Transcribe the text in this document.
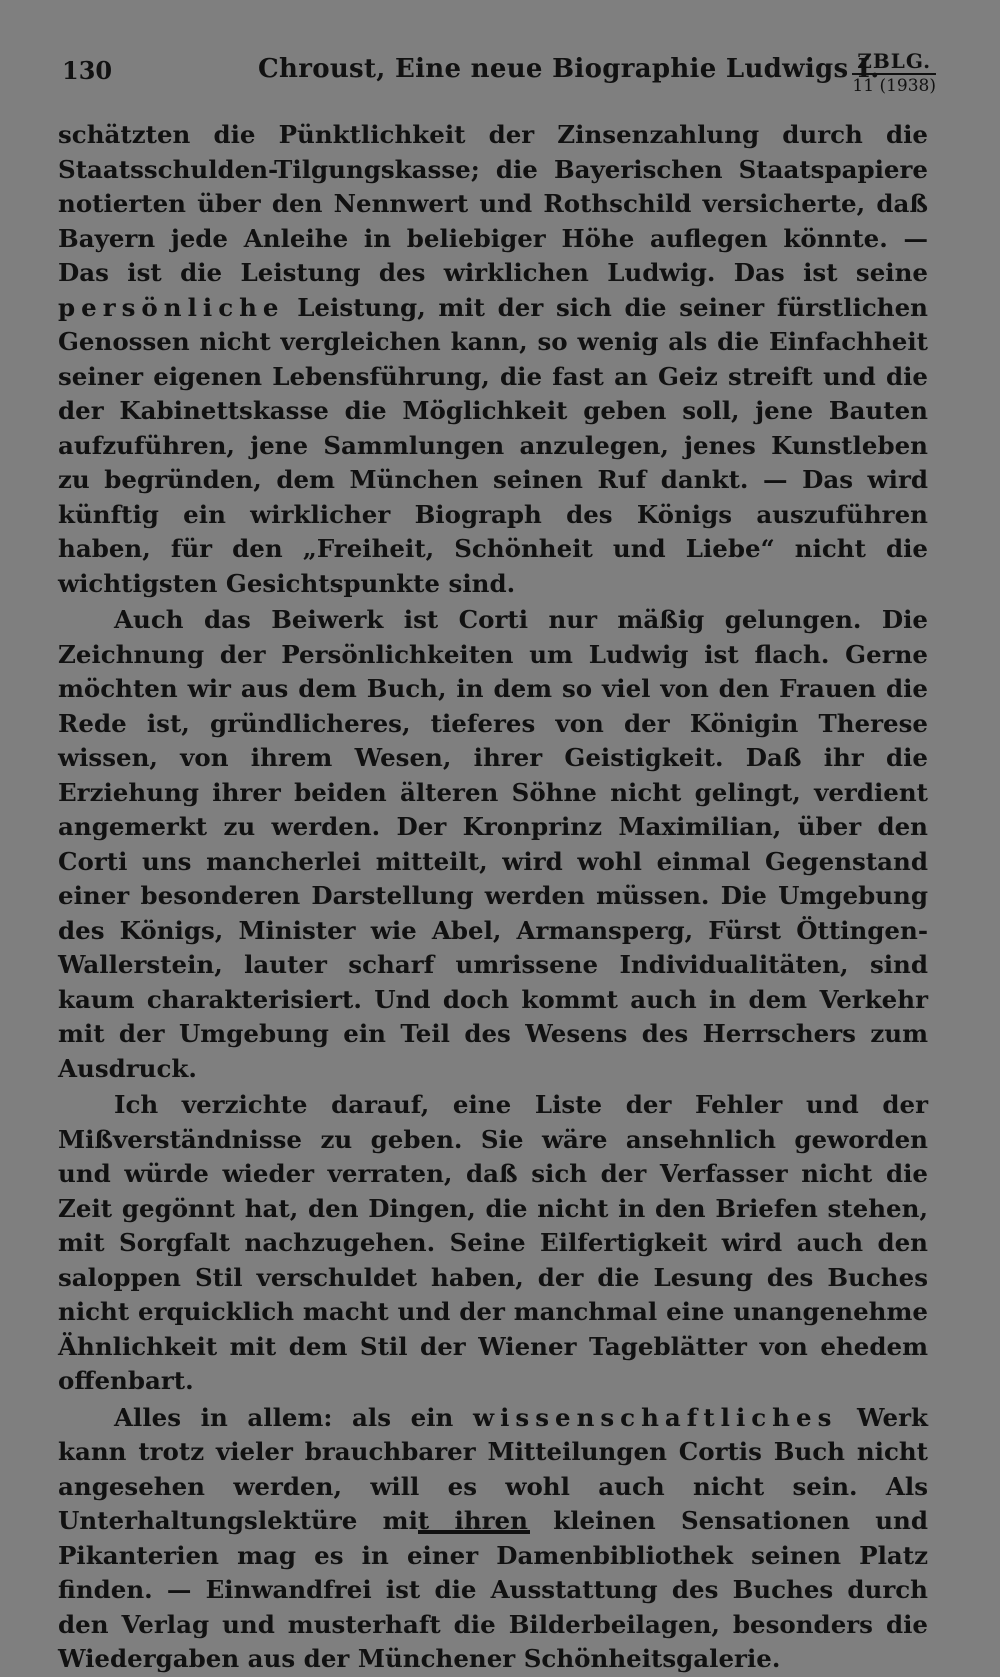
130	Chroust, Eine neue Biographie Ludwigs I.
ZBLG.
11 (1938)

schätzten die Pünktlichkeit der Zinsenzahlung durch die Staatsschulden-Tilgungskasse; die Bayerischen Staatspapiere notierten über den Nennwert und Rothschild versicherte, daß Bayern jede Anleihe in beliebiger Höhe auflegen könnte. — Das ist die Leistung des wirklichen Ludwig. Das ist seine persönliche Leistung, mit der sich die seiner fürstlichen Genossen nicht vergleichen kann, so wenig als die Einfachheit seiner eigenen Lebensführung, die fast an Geiz streift und die der Kabinettskasse die Möglichkeit geben soll, jene Bauten aufzuführen, jene Sammlungen anzulegen, jenes Kunstleben zu begründen, dem München seinen Ruf dankt. — Das wird künftig ein wirklicher Biograph des Königs auszuführen haben, für den „Freiheit, Schönheit und Liebe“ nicht die wichtigsten Gesichtspunkte sind.

Auch das Beiwerk ist Corti nur mäßig gelungen. Die Zeichnung der Persönlichkeiten um Ludwig ist flach. Gerne möchten wir aus dem Buch, in dem so viel von den Frauen die Rede ist, gründlicheres, tieferes von der Königin Therese wissen, von ihrem Wesen, ihrer Geistigkeit. Daß ihr die Erziehung ihrer beiden älteren Söhne nicht gelingt, verdient angemerkt zu werden. Der Kronprinz Maximilian, über den Corti uns mancherlei mitteilt, wird wohl einmal Gegenstand einer besonderen Darstellung werden müssen. Die Umgebung des Königs, Minister wie Abel, Armansperg, Fürst Öttingen-Wallerstein, lauter scharf umrissene Individualitäten, sind kaum charakterisiert. Und doch kommt auch in dem Verkehr mit der Umgebung ein Teil des Wesens des Herrschers zum Ausdruck.

Ich verzichte darauf, eine Liste der Fehler und der Mißverständnisse zu geben. Sie wäre ansehnlich geworden und würde wieder verraten, daß sich der Verfasser nicht die Zeit gegönnt hat, den Dingen, die nicht in den Briefen stehen, mit Sorgfalt nachzugehen. Seine Eilfertigkeit wird auch den saloppen Stil verschuldet haben, der die Lesung des Buches nicht erquicklich macht und der manchmal eine unangenehme Ähnlichkeit mit dem Stil der Wiener Tageblätter von ehedem offenbart.

Alles in allem: als ein wissenschaftliches Werk kann trotz vieler brauchbarer Mitteilungen Cortis Buch nicht angesehen werden, will es wohl auch nicht sein. Als Unterhaltungslektüre mit ihren kleinen Sensationen und Pikanterien mag es in einer Damenbibliothek seinen Platz finden. — Einwandfrei ist die Ausstattung des Buches durch den Verlag und musterhaft die Bilderbeilagen, besonders die Wiedergaben aus der Münchener Schönheitsgalerie.
